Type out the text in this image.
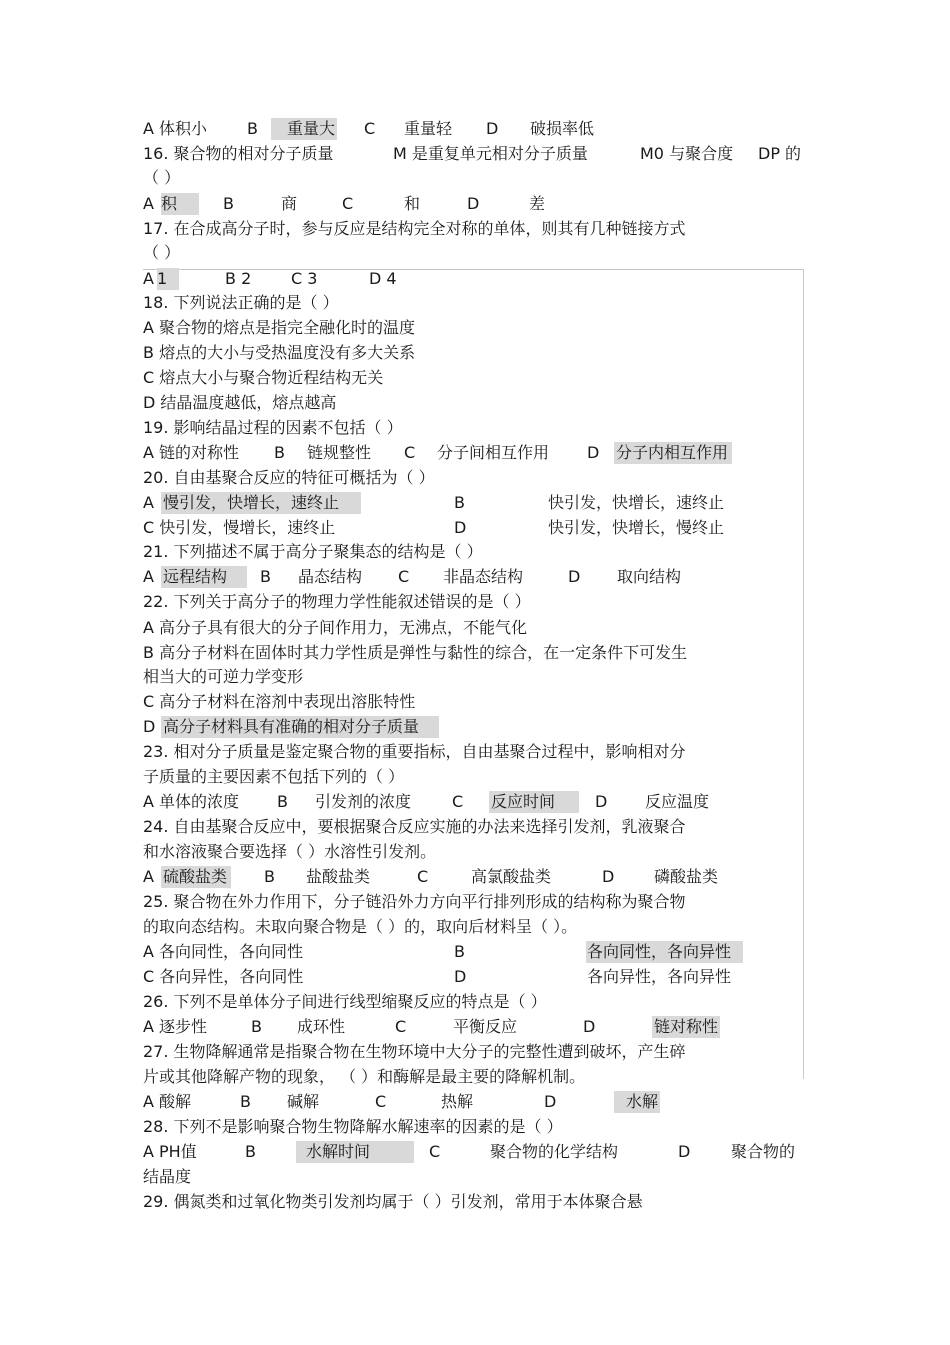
A 体积小 B	重量大 C 重量轻 D 破损率低
16. 聚合物的相对分子质量	M 是重复单元相对分子质量	M0 与聚合度 DP 的
（ ）
A 积	B	商	C	和	D	差
17. 在合成高分子时，参与反应是结构完全对称的单体，则其有几种链接方式
（ ）
A 1	B 2 C 3	D 4
18. 下列说法正确的是（ ）
A 聚合物的熔点是指完全融化时的温度
B 熔点的大小与受热温度没有多大关系
C 熔点大小与聚合物近程结构无关
D 结晶温度越低，熔点越高
19. 影响结晶过程的因素不包括（ ）
A 链的对称性 B 链规整性 C 分子间相互作用 D 分子内相互作用
20. 自由基聚合反应的特征可概括为（ ）
A 慢引发，快增长，速终止	B	快引发，快增长，速终止
C 快引发，慢增长，速终止	D	快引发，快增长，慢终止
21. 下列描述不属于高分子聚集态的结构是（ ）
A 远程结构	B 晶态结构 C 非晶态结构	D 取向结构
22. 下列关于高分子的物理力学性能叙述错误的是（ ）
A 高分子具有很大的分子间作用力，无沸点，不能气化
B 高分子材料在固体时其力学性质是弹性与黏性的综合，在一定条件下可发生
相当大的可逆力学变形
C 高分子材料在溶剂中表现出溶胀特性
D 高分子材料具有准确的相对分子质量
23. 相对分子质量是鉴定聚合物的重要指标，自由基聚合过程中，影响相对分
子质量的主要因素不包括下列的（ ）
A 单体的浓度 B 引发剂的浓度	C 反应时间	D 反应温度
24. 自由基聚合反应中，要根据聚合反应实施的办法来选择引发剂，乳液聚合
和水溶液聚合要选择（ ）水溶性引发剂。
A 硫酸盐类 B 盐酸盐类	C	高氯酸盐类	D 磷酸盐类
25. 聚合物在外力作用下，分子链沿外力方向平行排列形成的结构称为聚合物
的取向态结构。未取向聚合物是（ ）的，取向后材料呈（ ）。
A 各向同性，各向同性	B	各向同性，各向异性
C 各向异性，各向同性	D	各向异性，各向异性
26. 下列不是单体分子间进行线型缩聚反应的特点是（ ）
A 逐步性	B 成环性	C	平衡反应	D	链对称性
27. 生物降解通常是指聚合物在生物环境中大分子的完整性遭到破坏，产生碎
片或其他降解产物的现象， （ ）和酶解是最主要的降解机制。
A 酸解	B 碱解	C	热解	D	水解
28. 下列不是影响聚合物生物降解水解速率的因素的是（ ）
A PH值	B	水解时间	C	聚合物的化学结构	D	聚合物的
结晶度
29. 偶氮类和过氧化物类引发剂均属于（ ）引发剂，常用于本体聚合悬
